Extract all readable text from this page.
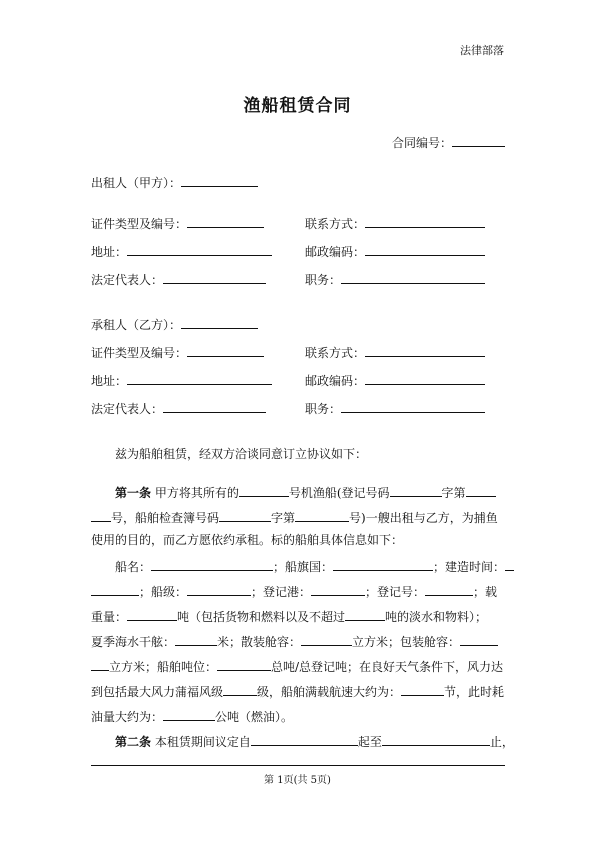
法律部落
渔船租赁合同
合同编号：
出租人（甲方）：
证件类型及编号：	联系方式：
地址：	邮政编码：
法定代表人：	职务：
承租人（乙方）：
证件类型及编号：	联系方式：
地址：	邮政编码：
法定代表人：	职务：
兹为船舶租赁，经双方洽谈同意订立协议如下：
第一条 甲方将其所有的	号机渔船(登记号码	字第
号，船舶检查簿号码	字第	号)一艘出租与乙方，为捕鱼
使用的目的，而乙方愿依约承租。标的船舶具体信息如下：
船名：	；船旗国：	；建造时间：
；船级：	；登记港：	；登记号：	；载
重量：	吨（包括货物和燃料以及不超过	吨的淡水和物料）；
夏季海水干舷：	米；散装舱容：	立方米；包装舱容：
立方米；船舶吨位：	总吨/总登记吨；在良好天气条件下，风力达
到包括最大风力蒲福风级	级，船舶满载航速大约为：	节，此时耗
油量大约为：	公吨（燃油）。
第二条 本租赁期间议定自	起至	止，
第 1页(共 5页)
